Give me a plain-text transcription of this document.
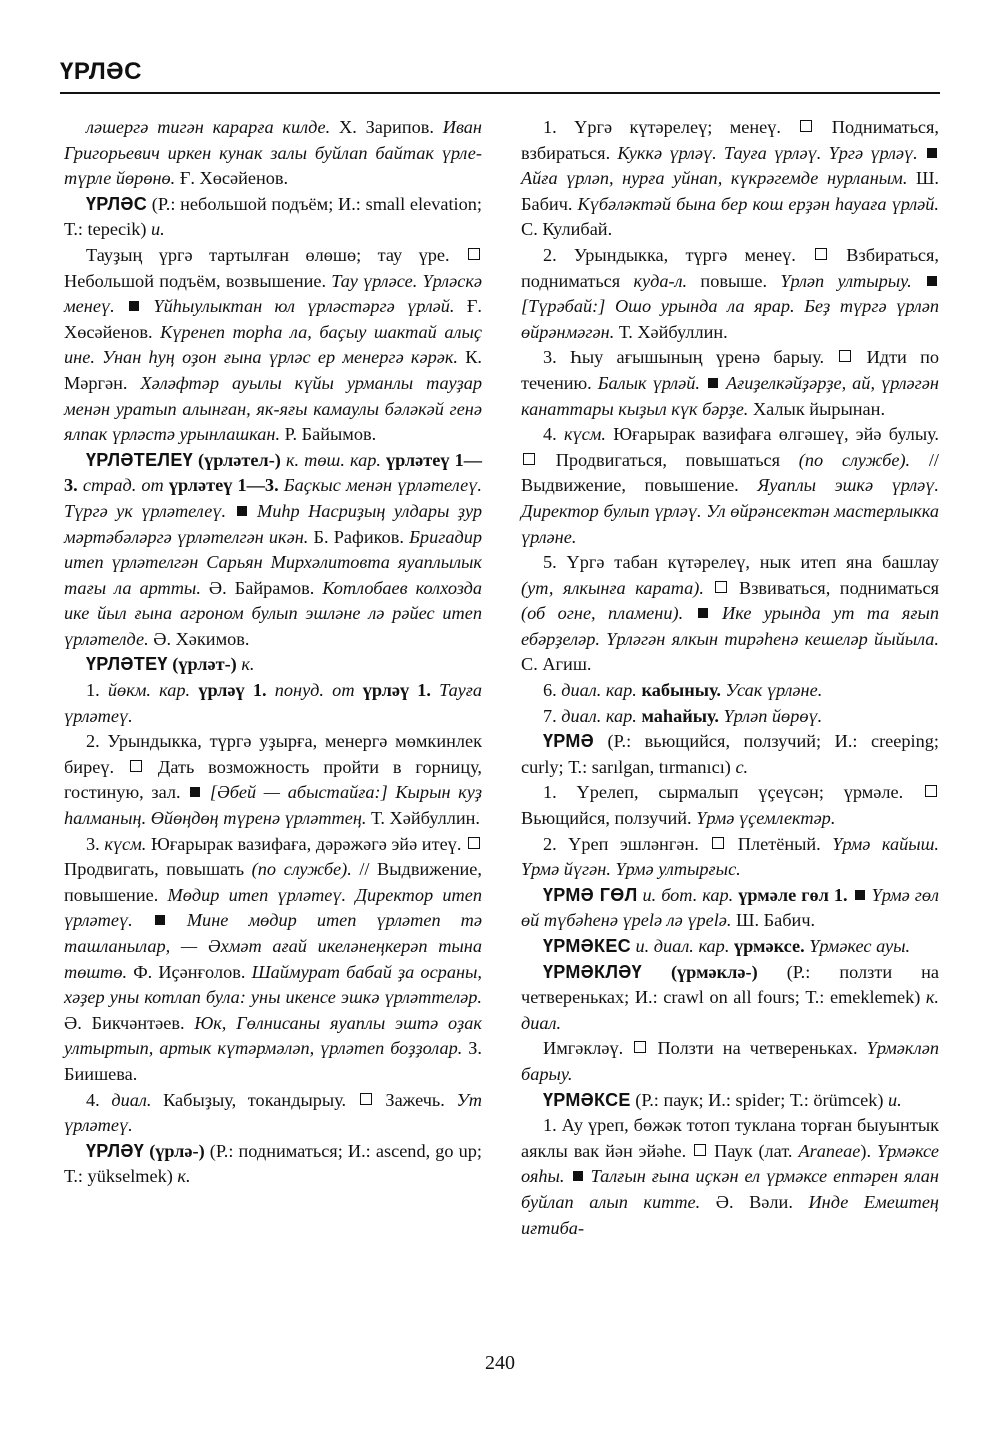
ҮРЛӘС

ләшергә тигән карарға килде. Х. Зарипов. Иван Григорьевич иркен кунак залы буйлап байтак үрле-түрле йөрөнө. Ғ. Хөсәйенов.

ҮРЛӘС (Р.: небольшой подъём; И.: small elevation; Т.: tepecik) и.

Тауҙың үргә тартылған өлөшө; тау үре.  Небольшой подъём, возвышение. Тау үрләсе. Үрләскә менеү. Үйһыулыктан юл үрләстәргә үрләй. Ғ. Хөсәйенов. Күренеп торһа ла, баҫыу шактай алыҫ ине. Унан һуң оҙон ғына үрләс ер менергә кәрәк. К. Мәргән. Хәләфтәр ауылы күйы урманлы тауҙар менән уратып алынған, як-яғы камаулы бәләкәй генә ялпак үрләстә урынлашкан. Р. Байымов.

ҮРЛӘТЕЛЕҮ (үрләтел-) к. төш. кар. үрләтеү 1—3. страд. от үрләтеү 1—3. Баҫкыс менән үрләтелеү. Түргә ук үрләтелеү. Миһр Насриҙың улдары ҙур мәртәбәләргә үрләтелгән икән. Б. Рафиков. Бригадир итеп үрләтелгән Сарьян Мирхәлитовта яуаплылык тағы ла артты. Ә. Байрамов. Котлобаев колхозда ике йыл ғына агроном булып эшләне лә рәйес итеп үрләтелде. Ә. Хәкимов.

ҮРЛӘТЕҮ (үрләт-) к.

1. йөкм. кар. үрләү 1. понуд. от үрләү 1. Тауға үрләтеү.

2. Урындыкка, түргә уҙырға, менергә мөмкинлек биреү.  Дать возможность пройти в горницу, гостиную, зал.  [Әбей — абыстайға:] Кырын куҙ һалманың. Өйөңдөң түренә үрләттең. Т. Хәйбуллин.

3. күсм. Юғарырак вазифаға, дәрәжәгә эйә итеү.  Продвигать, повышать (по службе). // Выдвижение, повышение. Мөдир итеп үрләтеү. Директор итеп үрләтеү.	Мине мөдир итеп үрләтеп тә ташланылар, — Әхмәт ағай икеләнеңкерәп тына төштө. Ф. Иҫәнғолов. Шаймурат бабай ҙа осраны, хәҙер уны котлап була: уны икенсе эшкә үрләттеләр. Ә. Бикчәнтәев. Юк, Гөлнисаны яуаплы эштә оҙак ултыртып, артык күтәрмәләп, үрләтеп боҙҙолар. З. Биишева.

4. диал. Кабыҙыу, токандырыу.  Зажечь. Ут үрләтеү.

ҮРЛӘҮ (үрлә-) (Р.: подниматься; И.: ascend, go up; Т.: yükselmek) к.

1. Үргә күтәрелеү; менеү.  Подниматься, взбираться. Куккә үрләү. Тауға үрләү. Үргә үрләү.  Айға үрләп, нурға уйнап, күкрәгемде нурланым. Ш. Бабич. Күбәләктәй бына бер кош ерҙән һауаға үрләй. С. Кулибай.

2. Урындыкка, түргә менеү.  Взбираться, подниматься куда-л. повыше. Үрләп ултырыу.  [Түрәбай:] Ошо урында ла ярар. Беҙ түргә үрләп өйрәнмәгән. Т. Хәйбуллин.

3. Һыу ағышының үренә барыу.  Идти по течению. Балык үрләй. Ағиҙелкәйҙәрҙе, ай, үрләгән канаттары кыҙыл күк бәрҙе. Халык йырынан.

4. күсм. Юғарырак вазифаға өлгәшеү, эйә булыу.  Продвигаться, повышаться (по службе). // Выдвижение, повышение. Яуаплы эшкә үрләү. Директор булып үрләү. Ул өйрәнсектән мастерлыкка үрләне.

5. Үргә табан күтәрелеү, нык итеп яна башлау (ут, ялкынға карата).  Взвиваться, подниматься (об огне, пламени). Ике урында ут та яғып ебәрҙеләр. Үрләгән ялкын тирәһенә кешеләр йыйыла. С. Агиш.

6. диал. кар. кабыныу. Усак үрләне.

7. диал. кар. маһайыу. Үрләп йөрөү.

ҮРМӘ (Р.: вьющийся, ползучий; И.: creeping; curly; Т.: sarılgan, tırmanıcı) с.

1. Үрелеп, сырмалып үҫеүсән; үрмәле.  Вьющийся, ползучий. Үрмә үҫемлектәр.

2. Үреп эшләнгән.  Плетёный. Үрмә кайыш. Үрмә йүгән. Үрмә ултырғыс.

ҮРМӘ ГӨЛ и. бот. кар. үрмәле гөл 1. Үрмә гөл өй түбәһенә үреlә лә үреlә. Ш. Бабич.

ҮРМӘКЕС и. диал. кар. үрмәксе. Үрмәкес ауы.

ҮРМӘКЛӘҮ (үрмәклә-) (Р.: ползти на четвереньках; И.: crawl on all fours; Т.: emeklemek) к. диал.

Имгәкләү.  Ползти на четвереньках. Үрмәкләп барыу.

ҮРМӘКСЕ (Р.: паук; И.: spider; Т.: örümcek) и.

1. Ау үреп, бөжәк тотоп туклана торған быуынтык аяклы вак йән эйәһе.  Паук (лат. Araneae). Үрмәксе ояһы. Талғын ғына иҫкән ел үрмәксе ептәрен ялан буйлап алып китте. Ә. Вәли. Инде Емештең иғтиба-

240
